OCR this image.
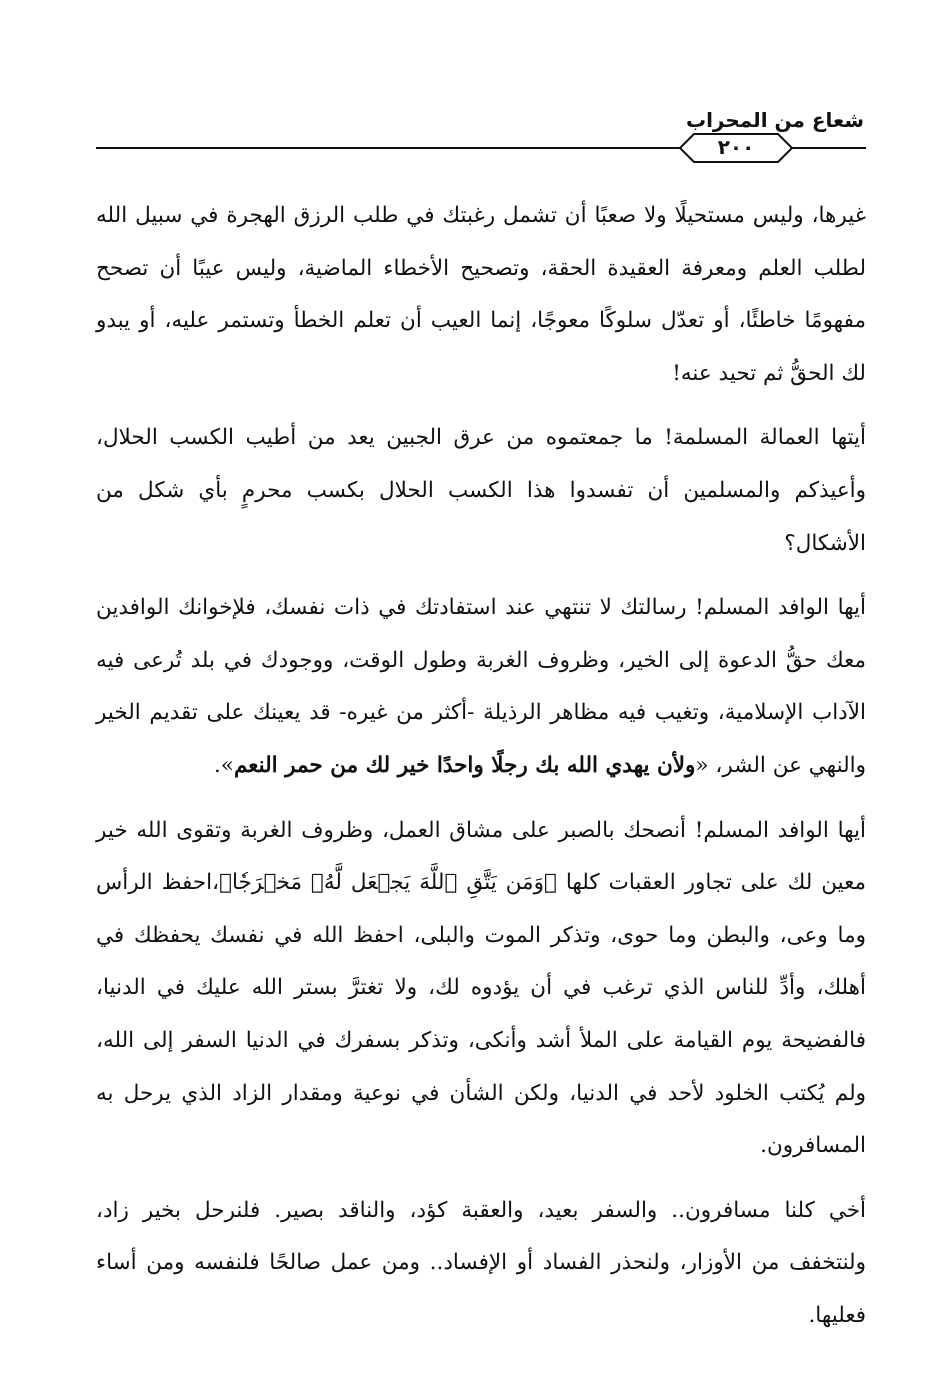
شعاع من المحراب
٢٠٠

غيرها، وليس مستحيلًا ولا صعبًا أن تشمل رغبتك في طلب الرزق الهجرة في سبيل الله لطلب العلم ومعرفة العقيدة الحقة، وتصحيح الأخطاء الماضية، وليس عيبًا أن تصحح مفهومًا خاطئًا، أو تعدّل سلوكًا معوجًا، إنما العيب أن تعلم الخطأ وتستمر عليه، أو يبدو لك الحقُّ ثم تحيد عنه!

أيتها العمالة المسلمة! ما جمعتموه من عرق الجبين يعد من أطيب الكسب الحلال، وأعيذكم والمسلمين أن تفسدوا هذا الكسب الحلال بكسب محرمٍ بأي شكل من الأشكال؟

أيها الوافد المسلم! رسالتك لا تنتهي عند استفادتك في ذات نفسك، فلإخوانك الوافدين معك حقُّ الدعوة إلى الخير، وظروف الغربة وطول الوقت، ووجودك في بلد تُرعى فيه الآداب الإسلامية، وتغيب فيه مظاهر الرذيلة -أكثر من غيره- قد يعينك على تقديم الخير والنهي عن الشر، «ولأن يهدي الله بك رجلًا واحدًا خير لك من حمر النعم».

أيها الوافد المسلم! أنصحك بالصبر على مشاق العمل، وظروف الغربة وتقوى الله خير معين لك على تجاور العقبات كلها ﴿وَمَن يَتَّقِ ٱللَّهَ يَجۡعَل لَّهُۥ مَخۡرَجٗا﴾،احفظ الرأس وما وعى، والبطن وما حوى، وتذكر الموت والبلى، احفظ الله في نفسك يحفظك في أهلك، وأدِّ للناس الذي ترغب في أن يؤدوه لك، ولا تغترَّ بستر الله عليك في الدنيا، فالفضيحة يوم القيامة على الملأ أشد وأنكى، وتذكر بسفرك في الدنيا السفر إلى الله، ولم يُكتب الخلود لأحد في الدنيا، ولكن الشأن في نوعية ومقدار الزاد الذي يرحل به المسافرون.

أخي كلنا مسافرون.. والسفر بعيد، والعقبة كؤد، والناقد بصير. فلنرحل بخير زاد، ولنتخفف من الأوزار، ولنحذر الفساد أو الإفساد.. ومن عمل صالحًا فلنفسه ومن أساء فعليها.
